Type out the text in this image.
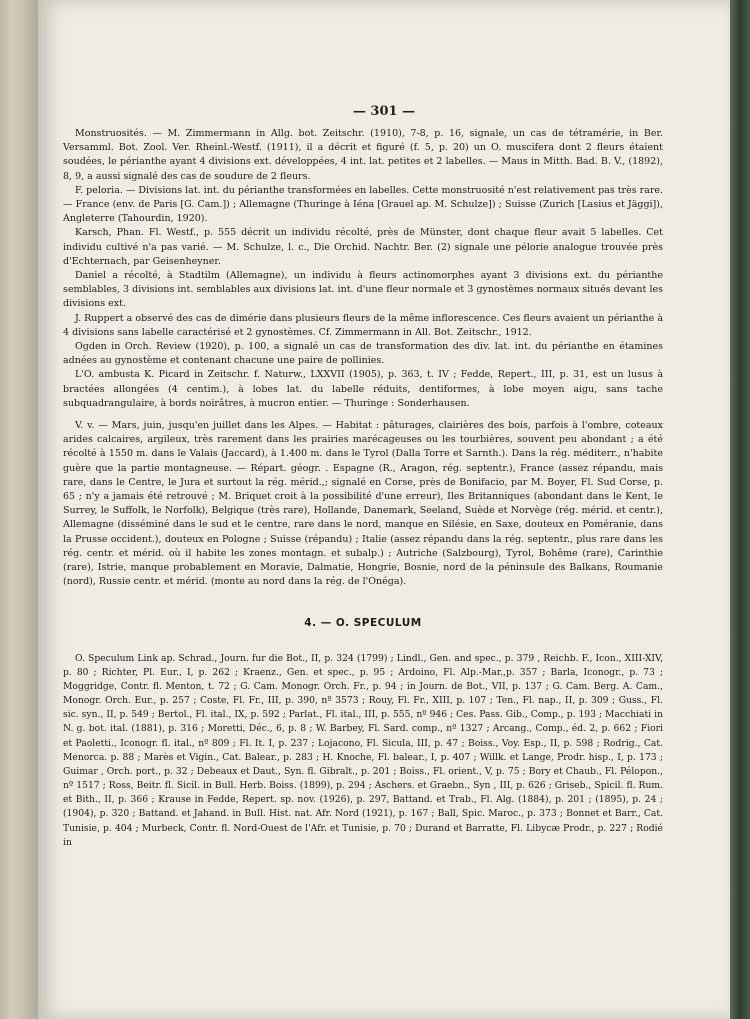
— 301 —

Monstruosités. — M. Zimmermann in Allg. bot. Zeitschr. (1910), 7-8, p. 16, signale, un cas de tétramérie, in Ber. Versamml. Bot. Zool. Ver. Rheinl.-Westf. (1911), il a décrit et figuré (f. 5, p. 20) un O. muscifera dont 2 fleurs étaient soudées, le périanthe ayant 4 divisions ext. développées, 4 int. lat. petites et 2 labelles. — Maus in Mitth. Bad. B. V., (1892), 8, 9, a aussi signalé des cas de soudure de 2 fleurs.

F. peloria. — Divisions lat. int. du périanthe transformées en labelles. Cette monstruosité n'est relativement pas très rare. — France (env. de Paris [G. Cam.]) ; Allemagne (Thuringe à Iéna [Grauel ap. M. Schulze]) ; Suisse (Zurich [Lasius et Jäggi]), Angleterre (Tahourdin, 1920).

Karsch, Phan. Fl. Westf., p. 555 décrit un individu récolté, près de Münster, dont chaque fleur avait 5 labelles. Cet individu cultivé n'a pas varié. — M. Schulze, l. c., Die Orchid. Nachtr. Ber. (2) signale une pélorie analogue trouvée près d'Echternach, par Geisenheyner.

Daniel a récolté, à Stadtilm (Allemagne), un individu à fleurs actinomorphes ayant 3 divisions ext. du périanthe semblables, 3 divisions int. semblables aux divisions lat. int. d'une fleur normale et 3 gynostèmes normaux situés devant les divisions ext.

J. Ruppert a observé des cas de dimérie dans plusieurs fleurs de la même inflorescence. Ces fleurs avaient un périanthe à 4 divisions sans labelle caractérisé et 2 gynostèmes. Cf. Zimmermann in All. Bot. Zeitschr., 1912.

Ogden in Orch. Review (1920), p. 100, a signalé un cas de transformation des div. lat. int. du périanthe en étamines adnées au gynostème et contenant chacune une paire de pollinies.

L'O. ambusta K. Picard in Zeitschr. f. Naturw., LXXVII (1905), p. 363, t. IV ; Fedde, Repert., III, p. 31, est un lusus à bractées allongées (4 centim.), à lobes lat. du labelle réduits, dentiformes, à lobe moyen aigu, sans tache subquadrangulaire, à bords noirâtres, à mucron entier. — Thuringe : Sonderhausen.

V. v. — Mars, juin, jusqu'en juillet dans les Alpes. — Habitat : pâturages, clairières des bois, parfois à l'ombre, coteaux arides calcaires, argileux, très rarement dans les prairies marécageuses ou les tourbières, souvent peu abondant ; a été récolté à 1550 m. dans le Valais (Jaccard), à 1.400 m. dans le Tyrol (Dalla Torre et Sarnth.). Dans la rég. méditerr., n'habite guère que la partie montagneuse. — Répart. géogr. . Espagne (R., Aragon, rég. septentr.), France (assez répandu, mais rare, dans le Centre, le Jura et surtout la rég. mérid.,; signalé en Corse, près de Bonifacio, par M. Boyer, Fl. Sud Corse, p. 65 ; n'y a jamais été retrouvé ; M. Briquet croit à la possibilité d'une erreur), Iles Britanniques (abondant dans le Kent, le Surrey, le Suffolk, le Norfolk), Belgique (très rare), Hollande, Danemark, Seeland, Suède et Norvège (rég. mérid. et centr.), Allemagne (disséminé dans le sud et le centre, rare dans le nord, manque en Silésie, en Saxe, douteux en Poméranie, dans la Prusse occident.), douteux en Pologne ; Suisse (répandu) ; Italie (assez répandu dans la rég. septentr., plus rare dans les rég. centr. et mérid. où il habite les zones montagn. et subalp.) ; Autriche (Salzbourg), Tyrol, Bohême (rare), Carinthie (rare), Istrie, manque probablement en Moravie, Dalmatie, Hongrie, Bosnie, nord de la péninsule des Balkans, Roumanie (nord), Russie centr. et mérid. (monte au nord dans la rég. de l'Onéga).

4. — O. SPECULUM

O. Speculum Link ap. Schrad., Journ. fur die Bot., II, p. 324 (1799) ; Lindl., Gen. and spec., p. 379 , Reichb. F., Icon., XIII-XIV, p. 80 ; Richter, Pl. Eur., I, p. 262 ; Kraenz., Gen. et spec., p. 95 ; Ardoino, Fl. Alp.-Mar.,p. 357 ; Barla, Iconogr., p. 73 ; Moggridge, Contr. fl. Menton, t. 72 ; G. Cam. Monogr. Orch. Fr., p. 94 ; in Journ. de Bot., VII, p. 137 ; G. Cam. Berg. A. Cam., Monogr. Orch. Eur., p. 257 ; Coste, Fl. Fr., III, p. 390, nº 3573 ; Rouy, Fl. Fr., XIII, p. 107 ; Ten., Fl. nap., II, p. 309 ; Guss., Fl. sic. syn., II, p. 549 ; Bertol., Fl. ital., IX, p. 592 ; Parlat., Fl. ital., III, p. 555, nº 946 ; Ces. Pass. Gib., Comp., p. 193 ; Macchiati in N. g. bot. ital. (1881), p. 316 ; Moretti, Déc., 6, p. 8 ; W. Barbey, Fl. Sard. comp., nº 1327 ; Arcang., Comp., éd. 2, p. 662 ; Fiori et Paoletti., Iconogr. fl. ital., nº 809 ; Fl. It. I, p. 237 ; Lojacono, Fl. Sicula, III, p. 47 ; Boiss., Voy. Esp., II, p. 598 ; Rodrig., Cat. Menorca. p. 88 ; Marès et Vigin., Cat. Balear., p. 283 ; H. Knoche, Fl. balear., I, p. 407 ; Willk. et Lange, Prodr. hisp., I, p. 173 ; Guimar , Orch. port., p. 32 ; Debeaux et Daut., Syn. fl. Gibralt., p. 201 ; Boiss., Fl. orient., V, p. 75 ; Bory et Chaub., Fl. Pélopon., nº 1517 ; Ross, Beitr. fl. Sicil. in Bull. Herb. Boiss. (1899), p. 294 ; Aschers. et Graebn., Syn , III, p. 626 ; Grisеb., Spicil. fl. Rum. et Bith., II, p. 366 ; Krause in Fedde, Repert. sp. nov. (1926), p. 297, Battand. et Trab., Fl. Alg. (1884), p. 201 ; (1895), p. 24 ; (1904), p. 320 ; Battand. et Jahand. in Bull. Hist. nat. Afr. Nord (1921), p. 167 ; Ball, Spic. Maroc., p. 373 ; Bonnet et Barr., Cat. Tunisie, p. 404 ; Murbeck, Contr. fl. Nord-Ouest de l'Afr. et Tunisie, p. 70 ; Durand et Barratte, Fl. Libycæ Prodr., p. 227 ; Rodié in
